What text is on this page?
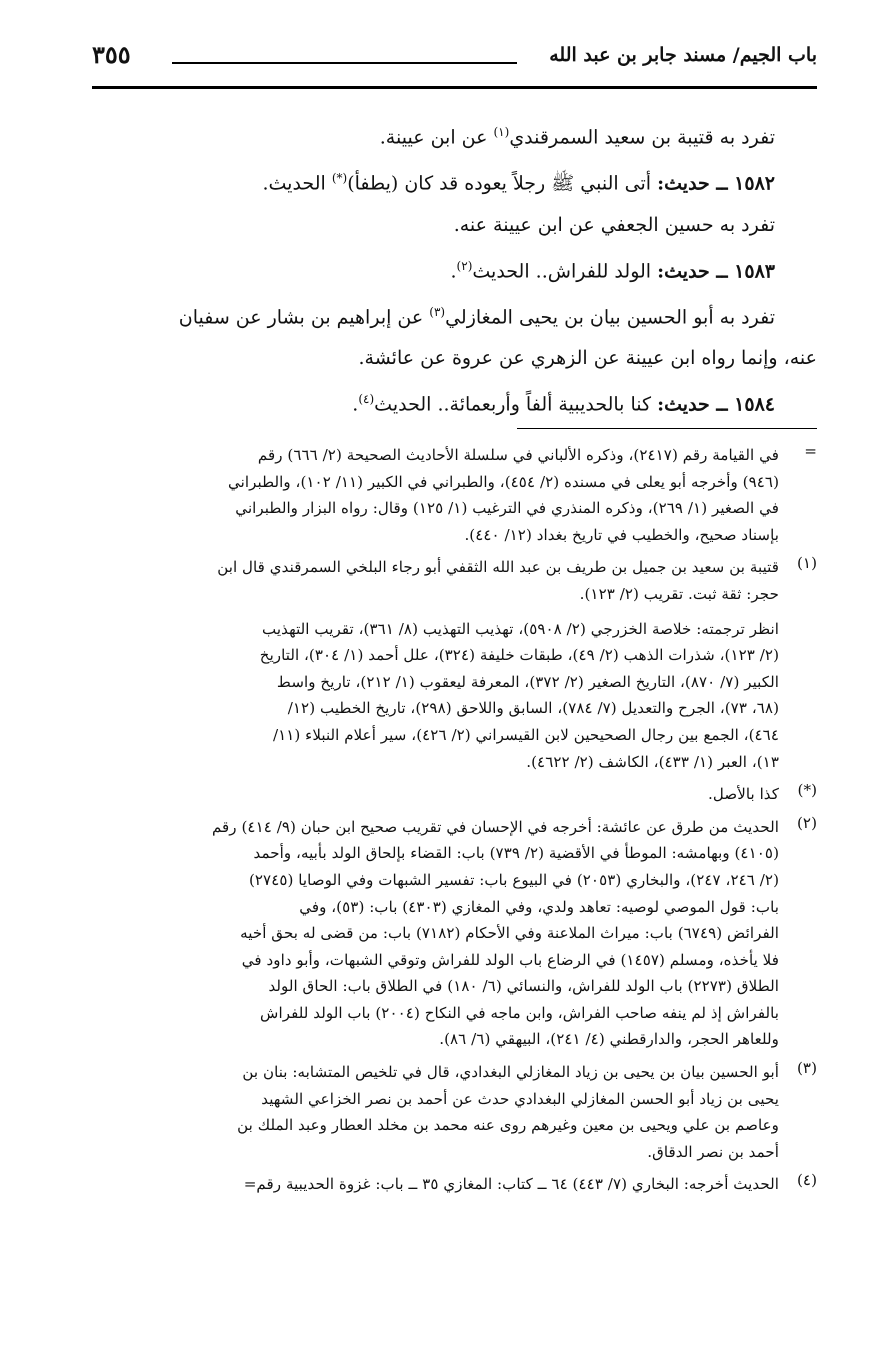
باب الجيم/ مسند جابر بن عبد الله
٣٥٥

تفرد به قتيبة بن سعيد السمرقندي$^{(١)}$ عن ابن عيينة.

١٥٨٢ ــ حديث: أتى النبي ﷺ رجلاً يعوده قد كان (يطفأ)(*) الحديث.

تفرد به حسين الجعفي عن ابن عيينة عنه.

١٥٨٣ ــ حديث: الولد للفراش.. الحديث$^{(٢)}$.

تفرد به أبو الحسين بيان بن يحيى المغازلي$^{(٣)}$ عن إبراهيم بن بشار عن سفيان

عنه، وإنما رواه ابن عيينة عن الزهري عن عروة عن عائشة.

١٥٨٤ ــ حديث: كنا بالحديبية ألفاً وأربعمائة.. الحديث$^{(٤)}$.

=
في القيامة رقم (٢٤١٧)، وذكره الألباني في سلسلة الأحاديث الصحيحة (٢/ ٦٦٦) رقم
(٩٤٦) وأخرجه أبو يعلى في مسنده (٢/ ٤٥٤)، والطبراني في الكبير (١١/ ١٠٢)، والطبراني
في الصغير (١/ ٢٦٩)، وذكره المنذري في الترغيب (١/ ١٢٥) وقال: رواه البزار والطبراني
بإسناد صحيح، والخطيب في تاريخ بغداد (١٢/ ٤٤٠).
(١)
قتيبة بن سعيد بن جميل بن طريف بن عبد الله الثقفي أبو رجاء البلخي السمرقندي قال ابن
حجر: ثقة ثبت. تقريب (٢/ ١٢٣).
انظر ترجمته: خلاصة الخزرجي (٢/ ٥٩٠٨)، تهذيب التهذيب (٨/ ٣٦١)، تقريب التهذيب
(٢/ ١٢٣)، شذرات الذهب (٢/ ٤٩)، طبقات خليفة (٣٢٤)، علل أحمد (١/ ٣٠٤)، التاريخ
الكبير (٧/ ٨٧٠)، التاريخ الصغير (٢/ ٣٧٢)، المعرفة ليعقوب (١/ ٢١٢)، تاريخ واسط
(٦٨، ٧٣)، الجرح والتعديل (٧/ ٧٨٤)، السابق واللاحق (٢٩٨)، تاريخ الخطيب (١٢/
٤٦٤)، الجمع بين رجال الصحيحين لابن القيسراني (٢/ ٤٢٦)، سير أعلام النبلاء (١١/
١٣)، العبر (١/ ٤٣٣)، الكاشف (٢/ ٤٦٢٢).
(*)
كذا بالأصل.
(٢)
الحديث من طرق عن عائشة: أخرجه في الإحسان في تقريب صحيح ابن حبان (٩/ ٤١٤) رقم
(٤١٠٥) وبهامشه: الموطأ في الأقضية (٢/ ٧٣٩) باب: القضاء بإلحاق الولد بأبيه، وأحمد
(٢/ ٢٤٦، ٢٤٧)، والبخاري (٢٠٥٣) في البيوع باب: تفسير الشبهات وفي الوصايا (٢٧٤٥)
باب: قول الموصي لوصيه: تعاهد ولدي، وفي المغازي (٤٣٠٣) باب: (٥٣)، وفي
الفرائض (٦٧٤٩) باب: ميراث الملاعنة وفي الأحكام (٧١٨٢) باب: من قضى له بحق أخيه
فلا يأخذه، ومسلم (١٤٥٧) في الرضاع باب الولد للفراش وتوقي الشبهات، وأبو داود في
الطلاق (٢٢٧٣) باب الولد للفراش، والنسائي (٦/ ١٨٠) في الطلاق باب: الحاق الولد
بالفراش إذ لم ينفه صاحب الفراش، وابن ماجه في النكاح (٢٠٠٤) باب الولد للفراش
وللعاهر الحجر، والدارقطني (٤/ ٢٤١)، البيهقي (٦/ ٨٦).
(٣)
أبو الحسين بيان بن يحيى بن زياد المغازلي البغدادي، قال في تلخيص المتشابه: بنان بن
يحيى بن زياد أبو الحسن المغازلي البغدادي حدث عن أحمد بن نصر الخزاعي الشهيد
وعاصم بن علي ويحيى بن معين وغيرهم روى عنه محمد بن مخلد العطار وعبد الملك بن
أحمد بن نصر الدقاق.
(٤)
الحديث أخرجه: البخاري (٧/ ٤٤٣) ٦٤ ــ كتاب: المغازي ٣٥ ــ باب: غزوة الحديبية رقم=
